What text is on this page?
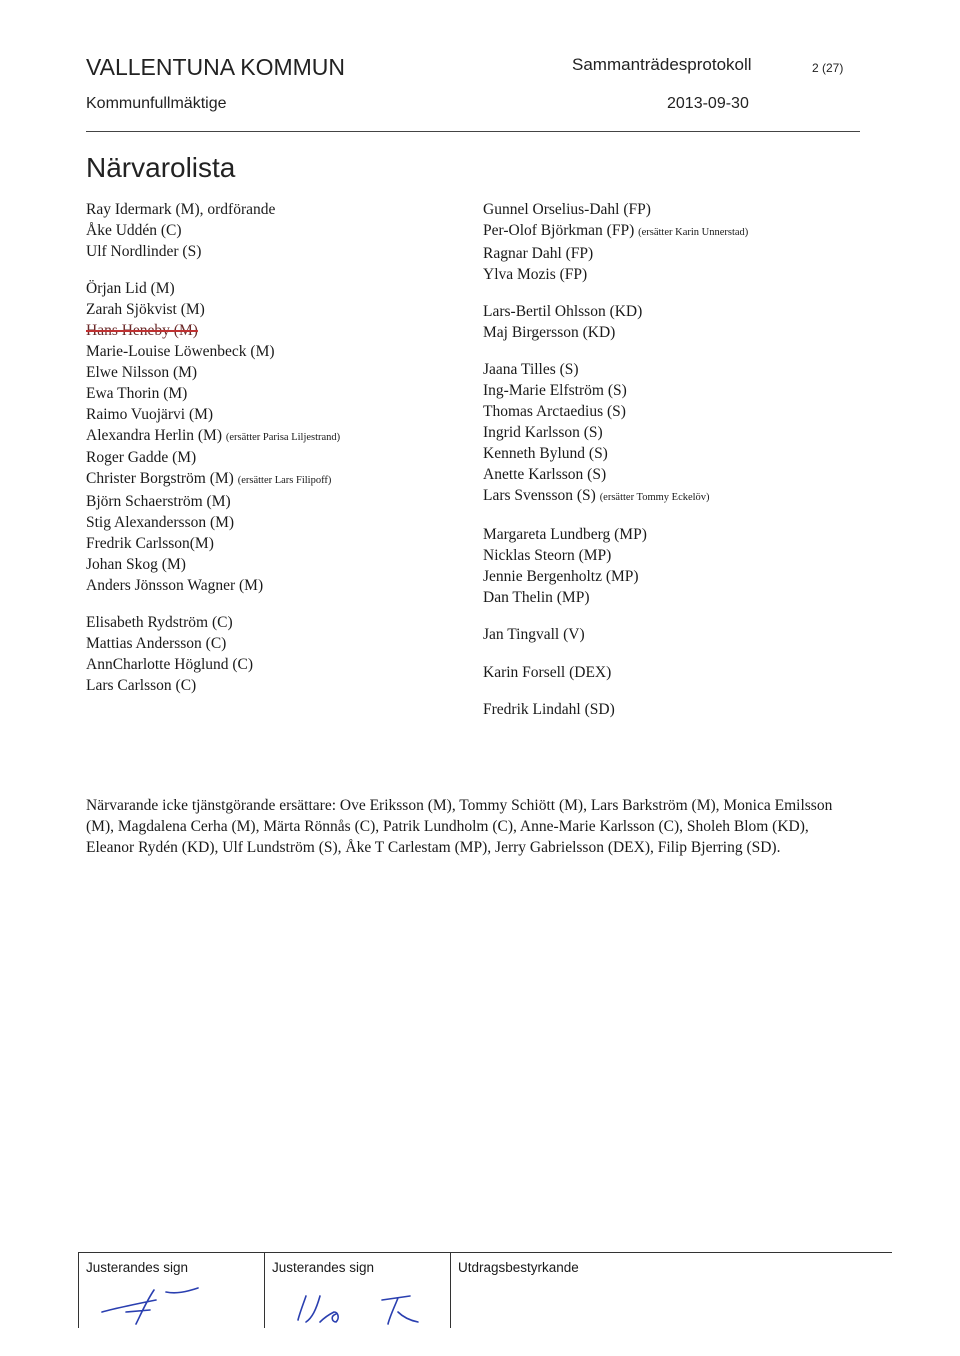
VALLENTUNA KOMMUN	Sammanträdesprotokoll	2 (27)
Kommunfullmäktige	2013-09-30
Närvarolista
Ray Idermark (M), ordförande
Åke Uddén (C)
Ulf Nordlinder (S)
Örjan Lid (M)
Zarah Sjökvist (M)
Hans Heneby (M)
Marie-Louise Löwenbeck (M)
Elwe Nilsson (M)
Ewa Thorin (M)
Raimo Vuojärvi (M)
Alexandra Herlin (M) (ersätter Parisa Liljestrand)
Roger Gadde (M)
Christer Borgström (M) (ersätter Lars Filipoff)
Björn Schaerström (M)
Stig Alexandersson (M)
Fredrik Carlsson(M)
Johan Skog (M)
Anders Jönsson Wagner (M)
Elisabeth Rydström (C)
Mattias Andersson (C)
AnnCharlotte Höglund (C)
Lars Carlsson (C)
Gunnel Orselius-Dahl (FP)
Per-Olof Björkman (FP) (ersätter Karin Unnerstad)
Ragnar Dahl (FP)
Ylva Mozis (FP)
Lars-Bertil Ohlsson (KD)
Maj Birgersson (KD)
Jaana Tilles (S)
Ing-Marie Elfström (S)
Thomas Arctaedius (S)
Ingrid Karlsson (S)
Kenneth Bylund (S)
Anette Karlsson (S)
Lars Svensson (S) (ersätter Tommy Eckelöv)
Margareta Lundberg (MP)
Nicklas Steorn (MP)
Jennie Bergenholtz (MP)
Dan Thelin (MP)
Jan Tingvall (V)
Karin Forsell (DEX)
Fredrik Lindahl (SD)
Närvarande icke tjänstgörande ersättare: Ove Eriksson (M), Tommy Schiött (M), Lars Barkström (M), Monica Emilsson (M), Magdalena Cerha (M), Märta Rönnås (C), Patrik Lundholm (C), Anne-Marie Karlsson (C), Sholeh Blom (KD), Eleanor Rydén (KD), Ulf Lundström (S), Åke T Carlestam (MP), Jerry Gabrielsson (DEX), Filip Bjerring (SD).
Justerandes sign	Justerandes sign	Utdragsbestyrkande
